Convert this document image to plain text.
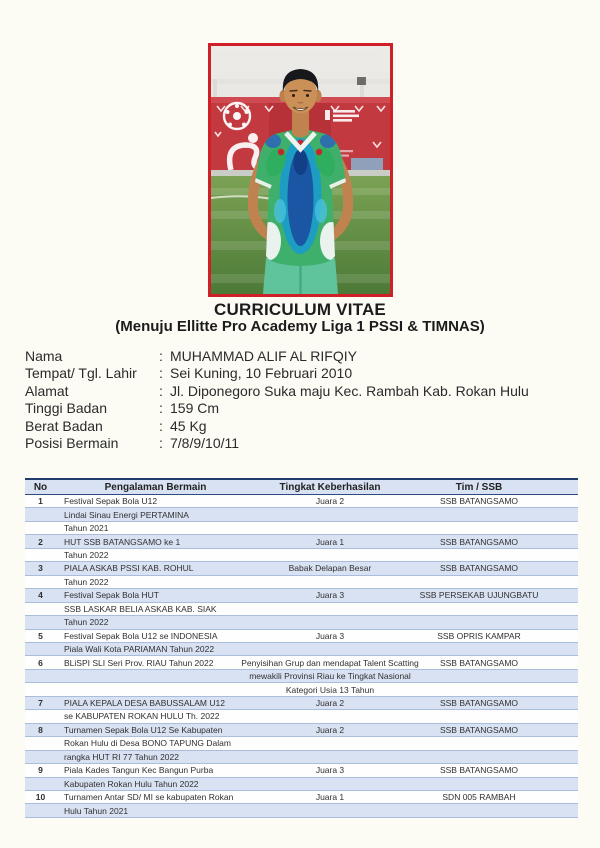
CURRICULUM VITAE
(Menuju Ellitte Pro Academy Liga 1 PSSI & TIMNAS)
Nama	: MUHAMMAD ALIF AL RIFQIY
Tempat/ Tgl. Lahir	: Sei Kuning, 10 Februari 2010
Alamat	: Jl. Diponegoro Suka maju Kec. Rambah Kab. Rokan Hulu
Tinggi Badan	: 159 Cm
Berat Badan	: 45 Kg
Posisi Bermain	: 7/8/9/10/11
No	Pengalaman Bermain	Tingkat Keberhasilan	Tim / SSB
1	Festival Sepak Bola U12	Juara 2	SSB BATANGSAMO
Lindai Sinau Energi PERTAMINA
Tahun 2021
2	HUT SSB BATANGSAMO ke 1	Juara 1	SSB BATANGSAMO
Tahun 2022
3	PIALA ASKAB PSSI KAB. ROHUL	Babak Delapan Besar	SSB BATANGSAMO
Tahun 2022
4	Festival Sepak Bola HUT	Juara 3	SSB PERSEKAB UJUNGBATU
SSB LASKAR BELIA ASKAB KAB. SIAK
Tahun 2022
5	Festival Sepak Bola U12 se INDONESIA	Juara 3	SSB OPRIS KAMPAR
Piala Wali Kota PARIAMAN Tahun 2022
6	BLiSPI SLI Seri Prov. RIAU Tahun 2022	Penyisihan Grup dan mendapat Talent Scatting SSB BATANGSAMO
mewakili Provinsi Riau ke Tingkat Nasional
Kategori Usia 13 Tahun
7	PIALA KEPALA DESA BABUSSALAM U12	Juara 2	SSB BATANGSAMO
se KABUPATEN ROKAN HULU Th. 2022
8	Turnamen Sepak Bola U12 Se Kabupaten	Juara 2	SSB BATANGSAMO
Rokan Hulu di Desa BONO TAPUNG Dalam
rangka HUT RI 77 Tahun 2022
9	Piala Kades Tangun Kec Bangun Purba	Juara 3	SSB BATANGSAMO
Kabupaten Rokan Hulu Tahun 2022
10	Turnamen Antar SD/ MI se kabupaten Rokan	Juara 1	SDN 005 RAMBAH
Hulu Tahun 2021
